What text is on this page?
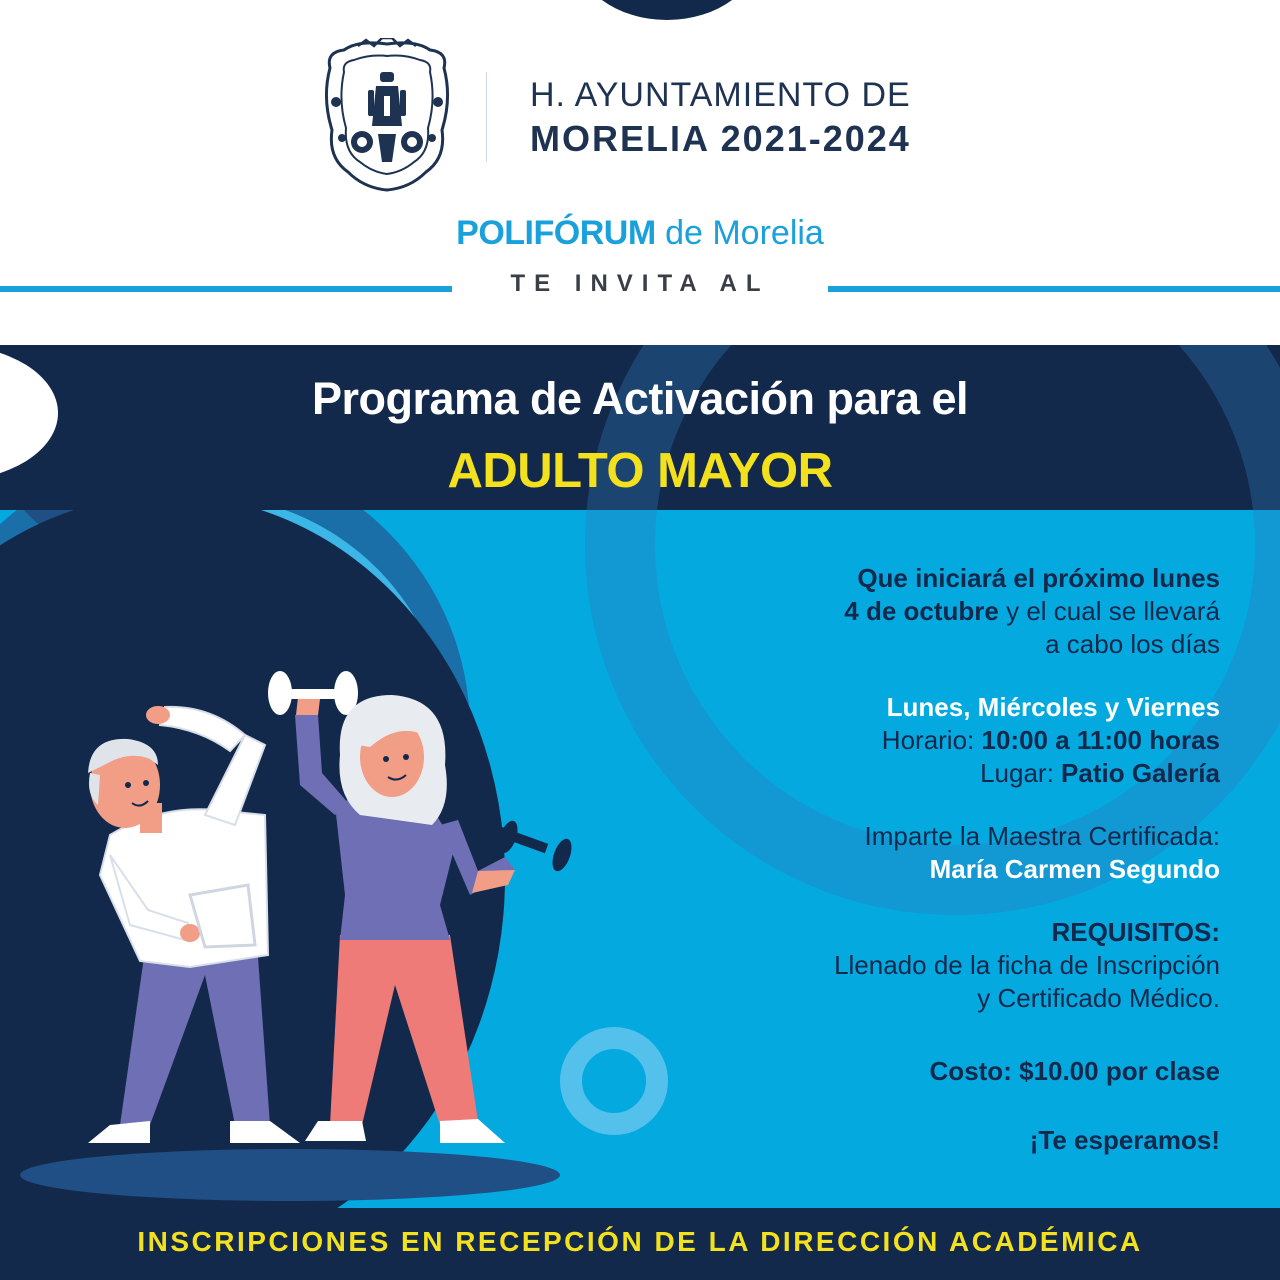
H. AYUNTAMIENTO DE
MORELIA 2021-2024
POLIFÓRUM de Morelia
TE INVITA AL
Programa de Activación para el
ADULTO MAYOR
Que iniciará el próximo lunes
4 de octubre y el cual se llevará
a cabo los días
Lunes, Miércoles y Viernes
Horario: 10:00 a 11:00 horas
Lugar: Patio Galería
Imparte la Maestra Certificada:
María Carmen Segundo
REQUISITOS:
Llenado de la ficha de Inscripción
y Certificado Médico.
Costo: $10.00 por clase
¡Te esperamos!
INSCRIPCIONES EN RECEPCIÓN DE LA DIRECCIÓN ACADÉMICA
